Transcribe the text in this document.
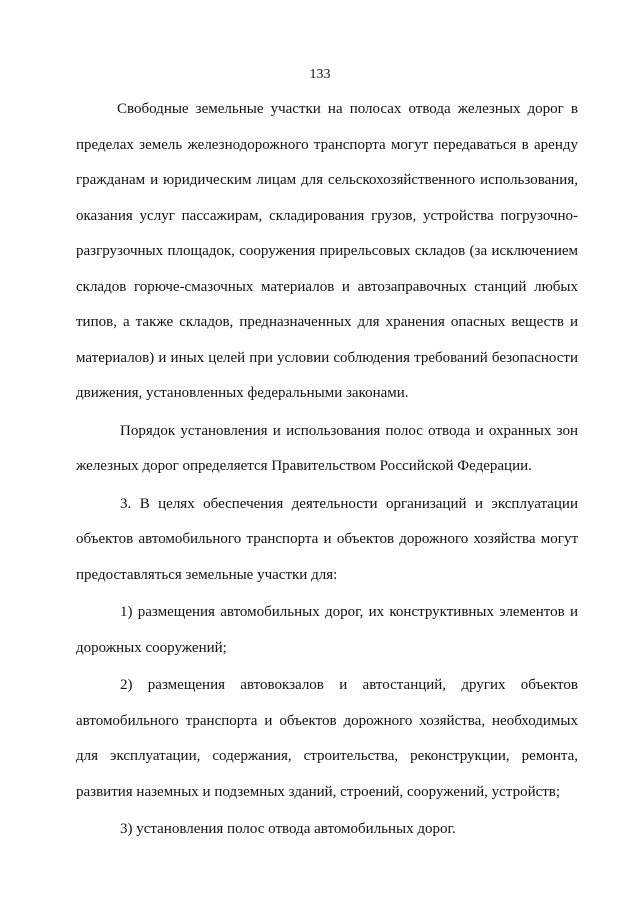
133

Свободные земельные участки на полосах отвода железных дорог в пределах земель железнодорожного транспорта могут передаваться в аренду гражданам и юридическим лицам для сельскохозяйственного использования, оказания услуг пассажирам, складирования грузов, устройства погрузочно-разгрузочных площадок, сооружения прирельсовых складов (за исключением складов горюче-смазочных материалов и автозаправочных станций любых типов, а также складов, предназначенных для хранения опасных веществ и материалов) и иных целей при условии соблюдения требований безопасности движения, установленных федеральными законами.

Порядок установления и использования полос отвода и охранных зон железных дорог определяется Правительством Российской Федерации.

3. В целях обеспечения деятельности организаций и эксплуатации объектов автомобильного транспорта и объектов дорожного хозяйства могут предоставляться земельные участки для:

1) размещения автомобильных дорог, их конструктивных элементов и дорожных сооружений;

2) размещения автовокзалов и автостанций, других объектов автомобильного транспорта и объектов дорожного хозяйства, необходимых для эксплуатации, содержания, строительства, реконструкции, ремонта, развития наземных и подземных зданий, строений, сооружений, устройств;

3) установления полос отвода автомобильных дорог.
